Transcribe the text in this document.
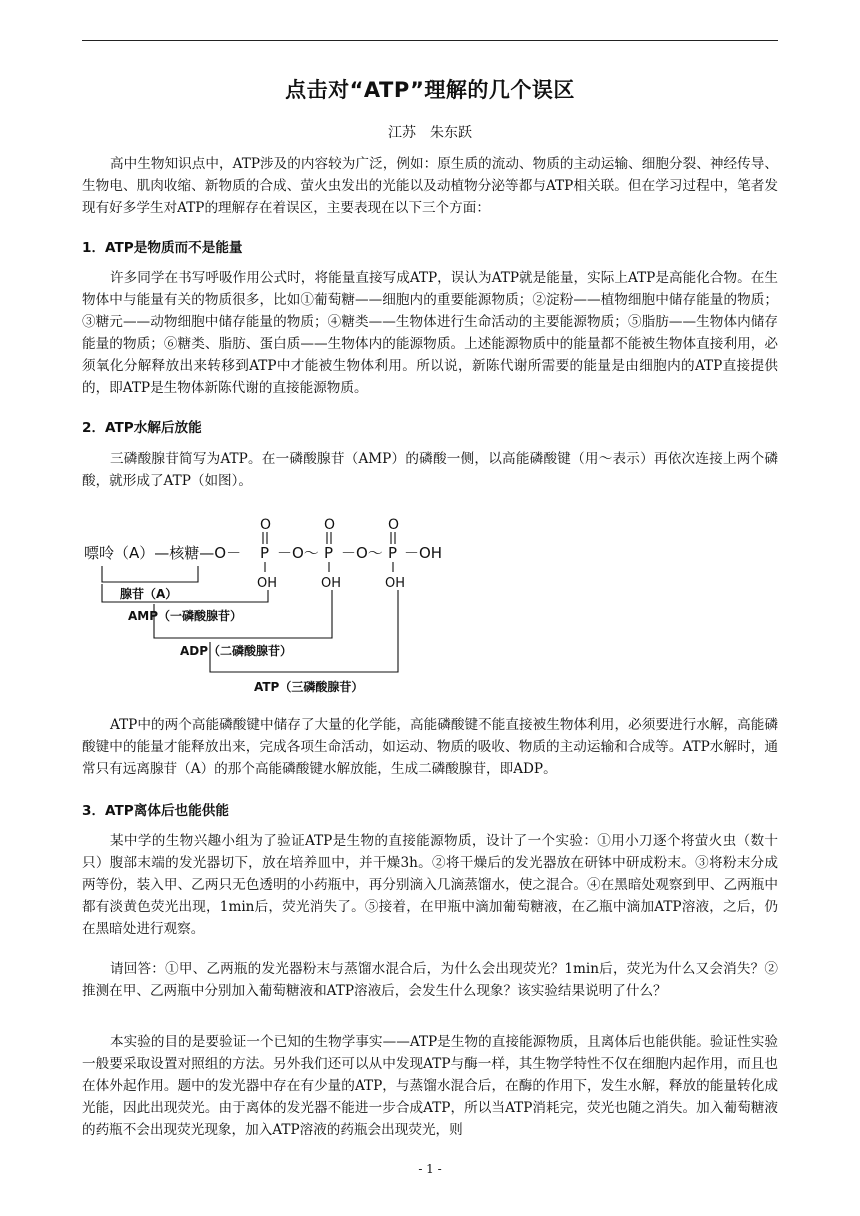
点击对“ATP”理解的几个误区
江苏　朱东跃

高中生物知识点中，ATP涉及的内容较为广泛，例如：原生质的流动、物质的主动运输、细胞分裂、神经传导、生物电、肌肉收缩、新物质的合成、萤火虫发出的光能以及动植物分泌等都与ATP相关联。但在学习过程中，笔者发现有好多学生对ATP的理解存在着误区，主要表现在以下三个方面：

1．ATP是物质而不是能量

许多同学在书写呼吸作用公式时，将能量直接写成ATP，误认为ATP就是能量，实际上ATP是高能化合物。在生物体中与能量有关的物质很多，比如①葡萄糖——细胞内的重要能源物质；②淀粉——植物细胞中储存能量的物质；③糖元——动物细胞中储存能量的物质；④糖类——生物体进行生命活动的主要能源物质；⑤脂肪——生物体内储存能量的物质；⑥糖类、脂肪、蛋白质——生物体内的能源物质。上述能源物质中的能量都不能被生物体直接利用，必须氧化分解释放出来转移到ATP中才能被生物体利用。所以说，新陈代谢所需要的能量是由细胞内的ATP直接提供的，即ATP是生物体新陈代谢的直接能源物质。

2．ATP水解后放能

三磷酸腺苷简写为ATP。在一磷酸腺苷（AMP）的磷酸一侧，以高能磷酸键（用～表示）再依次连接上两个磷酸，就形成了ATP（如图）。

嘌呤（A）—核糖—O－ P －O～ P －O～ P －OH
O	O	O
OH	OH	OH
腺苷（A）
AMP（一磷酸腺苷）
ADP（二磷酸腺苷）
ATP（三磷酸腺苷）

ATP中的两个高能磷酸键中储存了大量的化学能，高能磷酸键不能直接被生物体利用，必须要进行水解，高能磷酸键中的能量才能释放出来，完成各项生命活动，如运动、物质的吸收、物质的主动运输和合成等。ATP水解时，通常只有远离腺苷（A）的那个高能磷酸键水解放能，生成二磷酸腺苷，即ADP。

3．ATP离体后也能供能

某中学的生物兴趣小组为了验证ATP是生物的直接能源物质，设计了一个实验：①用小刀逐个将萤火虫（数十只）腹部末端的发光器切下，放在培养皿中，并干燥3h。②将干燥后的发光器放在研钵中研成粉末。③将粉末分成两等份，装入甲、乙两只无色透明的小药瓶中，再分别滴入几滴蒸馏水，使之混合。④在黑暗处观察到甲、乙两瓶中都有淡黄色荧光出现，1min后，荧光消失了。⑤接着，在甲瓶中滴加葡萄糖液，在乙瓶中滴加ATP溶液，之后，仍在黑暗处进行观察。

请回答：①甲、乙两瓶的发光器粉末与蒸馏水混合后，为什么会出现荧光？1min后，荧光为什么又会消失？②推测在甲、乙两瓶中分别加入葡萄糖液和ATP溶液后，会发生什么现象？该实验结果说明了什么？

本实验的目的是要验证一个已知的生物学事实——ATP是生物的直接能源物质，且离体后也能供能。验证性实验一般要采取设置对照组的方法。另外我们还可以从中发现ATP与酶一样，其生物学特性不仅在细胞内起作用，而且也在体外起作用。题中的发光器中存在有少量的ATP，与蒸馏水混合后，在酶的作用下，发生水解，释放的能量转化成光能，因此出现荧光。由于离体的发光器不能进一步合成ATP，所以当ATP消耗完，荧光也随之消失。加入葡萄糖液的药瓶不会出现荧光现象，加入ATP溶液的药瓶会出现荧光，则

- 1 -
